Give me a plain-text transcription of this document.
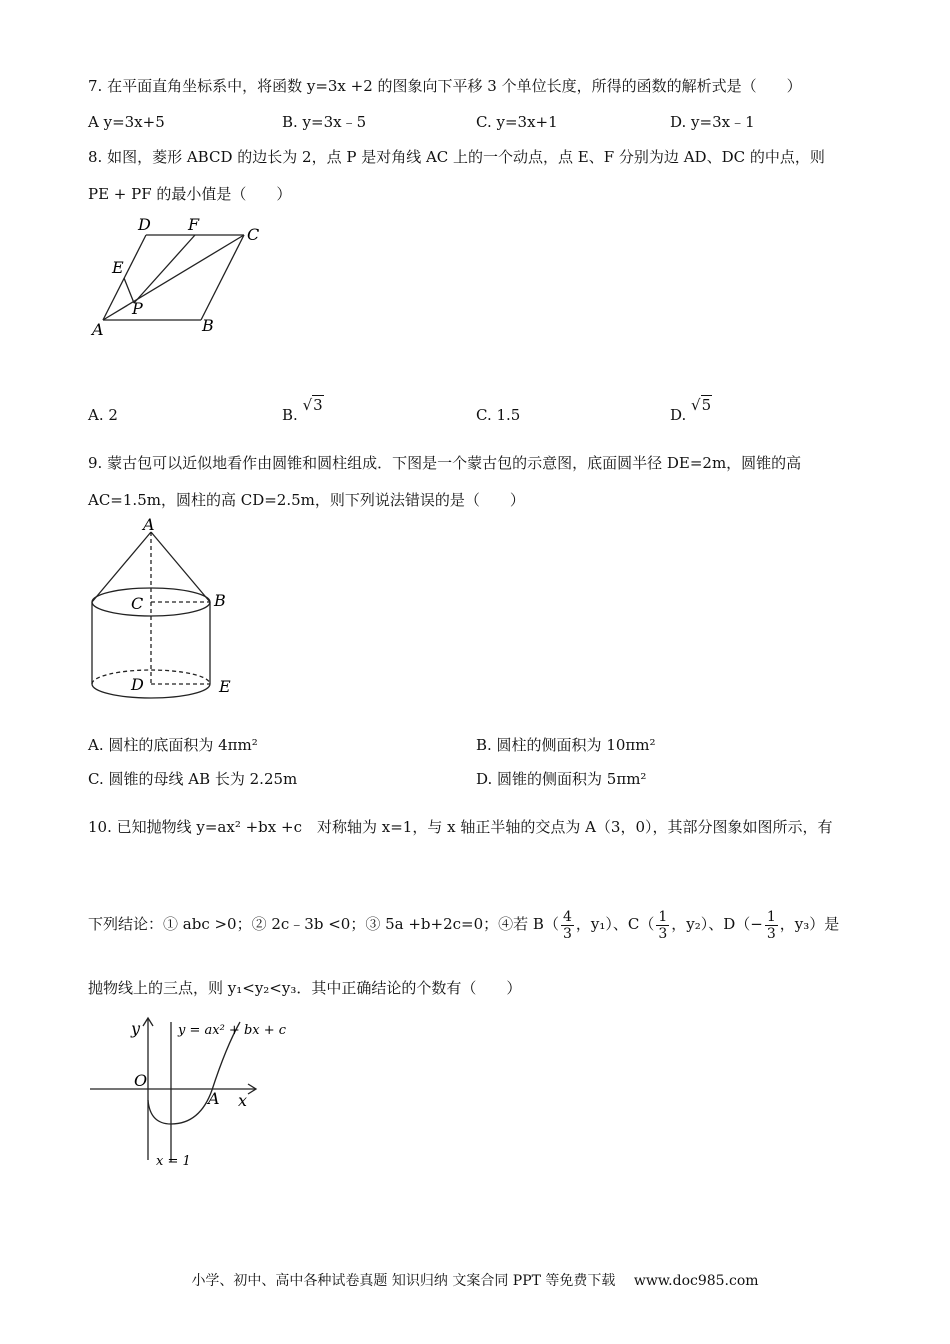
7. 在平面直角坐标系中，将函数 y=3x +2 的图象向下平移 3 个单位长度，所得的函数的解析式是（　　）
A y=3x+5	B. y=3x﹣5	C. y=3x+1	D. y=3x﹣1
8. 如图，菱形 ABCD 的边长为 2，点 P 是对角线 AC 上的一个动点，点 E、F 分别为边 AD、DC 的中点，则
PE + PF 的最小值是（　　）
D F
C
E
P
A	B
A. 2	B. √3
C. 1.5	D. √5
9. 蒙古包可以近似地看作由圆锥和圆柱组成．下图是一个蒙古包的示意图，底面圆半径 DE=2m，圆锥的高
AC=1.5m，圆柱的高 CD=2.5m，则下列说法错误的是（　　）
A
C	B
D	E
A. 圆柱的底面积为 4πm²	B. 圆柱的侧面积为 10πm²
C. 圆锥的母线 AB 长为 2.25m	D. 圆锥的侧面积为 5πm²
10. 已知抛物线 y=ax² +bx +c　对称轴为 x=1，与 x 轴正半轴的交点为 A（3，0），其部分图象如图所示，有
下列结论：① abc >0；② 2c﹣3b <0；③ 5a +b+2c=0；④若 $B( \frac{4}{3}$ ，y₁）、$C( \frac{1}{3}$ ，y₂）、$D(- \frac{1}{3}$ ，y₃）是
抛物线上的三点，则 y₁<y₂<y₃．其中正确结论的个数有（　　）
y
O
x
A
y = ax² + bx + c
x = 1
小学、初中、高中各种试卷真题 知识归纳 文案合同 PPT 等免费下载　 www.doc985.com
